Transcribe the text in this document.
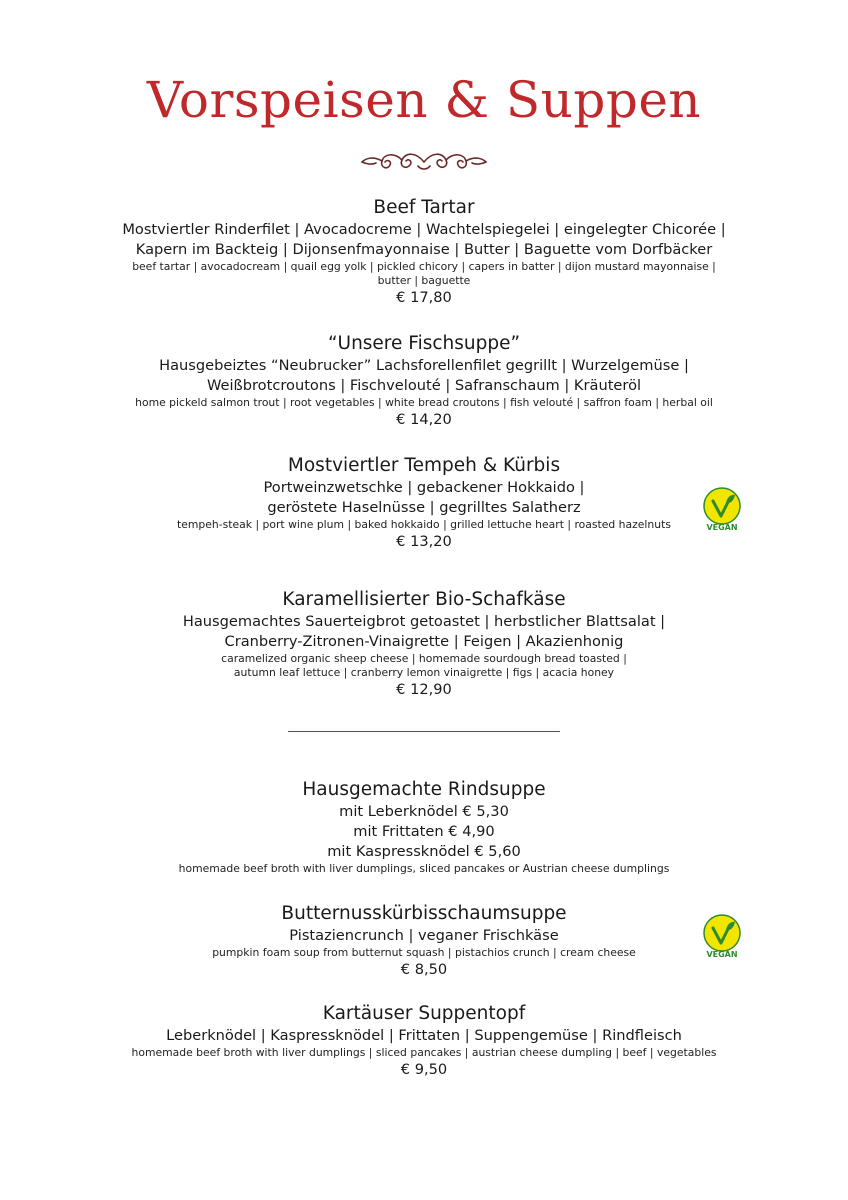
Vorspeisen & Suppen
Beef Tartar
Mostviertler Rinderfilet | Avocadocreme | Wachtelspiegelei | eingelegter Chicorée |
Kapern im Backteig | Dijonsenfmayonnaise | Butter | Baguette vom Dorfbäcker
beef tartar | avocadocream | quail egg yolk | pickled chicory | capers in batter | dijon mustard mayonnaise |
butter | baguette
€ 17,80
“Unsere Fischsuppe”
Hausgebeiztes “Neubrucker” Lachsforellenfilet gegrillt | Wurzelgemüse |
Weißbrotcroutons | Fischvelouté | Safranschaum | Kräuteröl
home pickeld salmon trout | root vegetables | white bread croutons | fish velouté | saffron foam | herbal oil
€ 14,20
Mostviertler Tempeh & Kürbis
Portweinzwetschke | gebackener Hokkaido |
geröstete Haselnüsse | gegrilltes Salatherz
tempeh-steak | port wine plum | baked hokkaido | grilled lettuche heart | roasted hazelnuts
€ 13,20
VEGAN
Karamellisierter Bio-Schafkäse
Hausgemachtes Sauerteigbrot getoastet | herbstlicher Blattsalat |
Cranberry-Zitronen-Vinaigrette | Feigen | Akazienhonig
caramelized organic sheep cheese | homemade sourdough bread toasted |
autumn leaf lettuce | cranberry lemon vinaigrette | figs | acacia honey
€ 12,90
Hausgemachte Rindsuppe
mit Leberknödel € 5,30
mit Frittaten € 4,90
mit Kaspressknödel € 5,60
homemade beef broth with liver dumplings, sliced pancakes or Austrian cheese dumplings
Butternusskürbisschaumsuppe
Pistaziencrunch | veganer Frischkäse
pumpkin foam soup from butternut squash | pistachios crunch | cream cheese
€ 8,50
VEGAN
Kartäuser Suppentopf
Leberknödel | Kaspressknödel | Frittaten | Suppengemüse | Rindfleisch
homemade beef broth with liver dumplings | sliced pancakes | austrian cheese dumpling | beef | vegetables
€ 9,50
